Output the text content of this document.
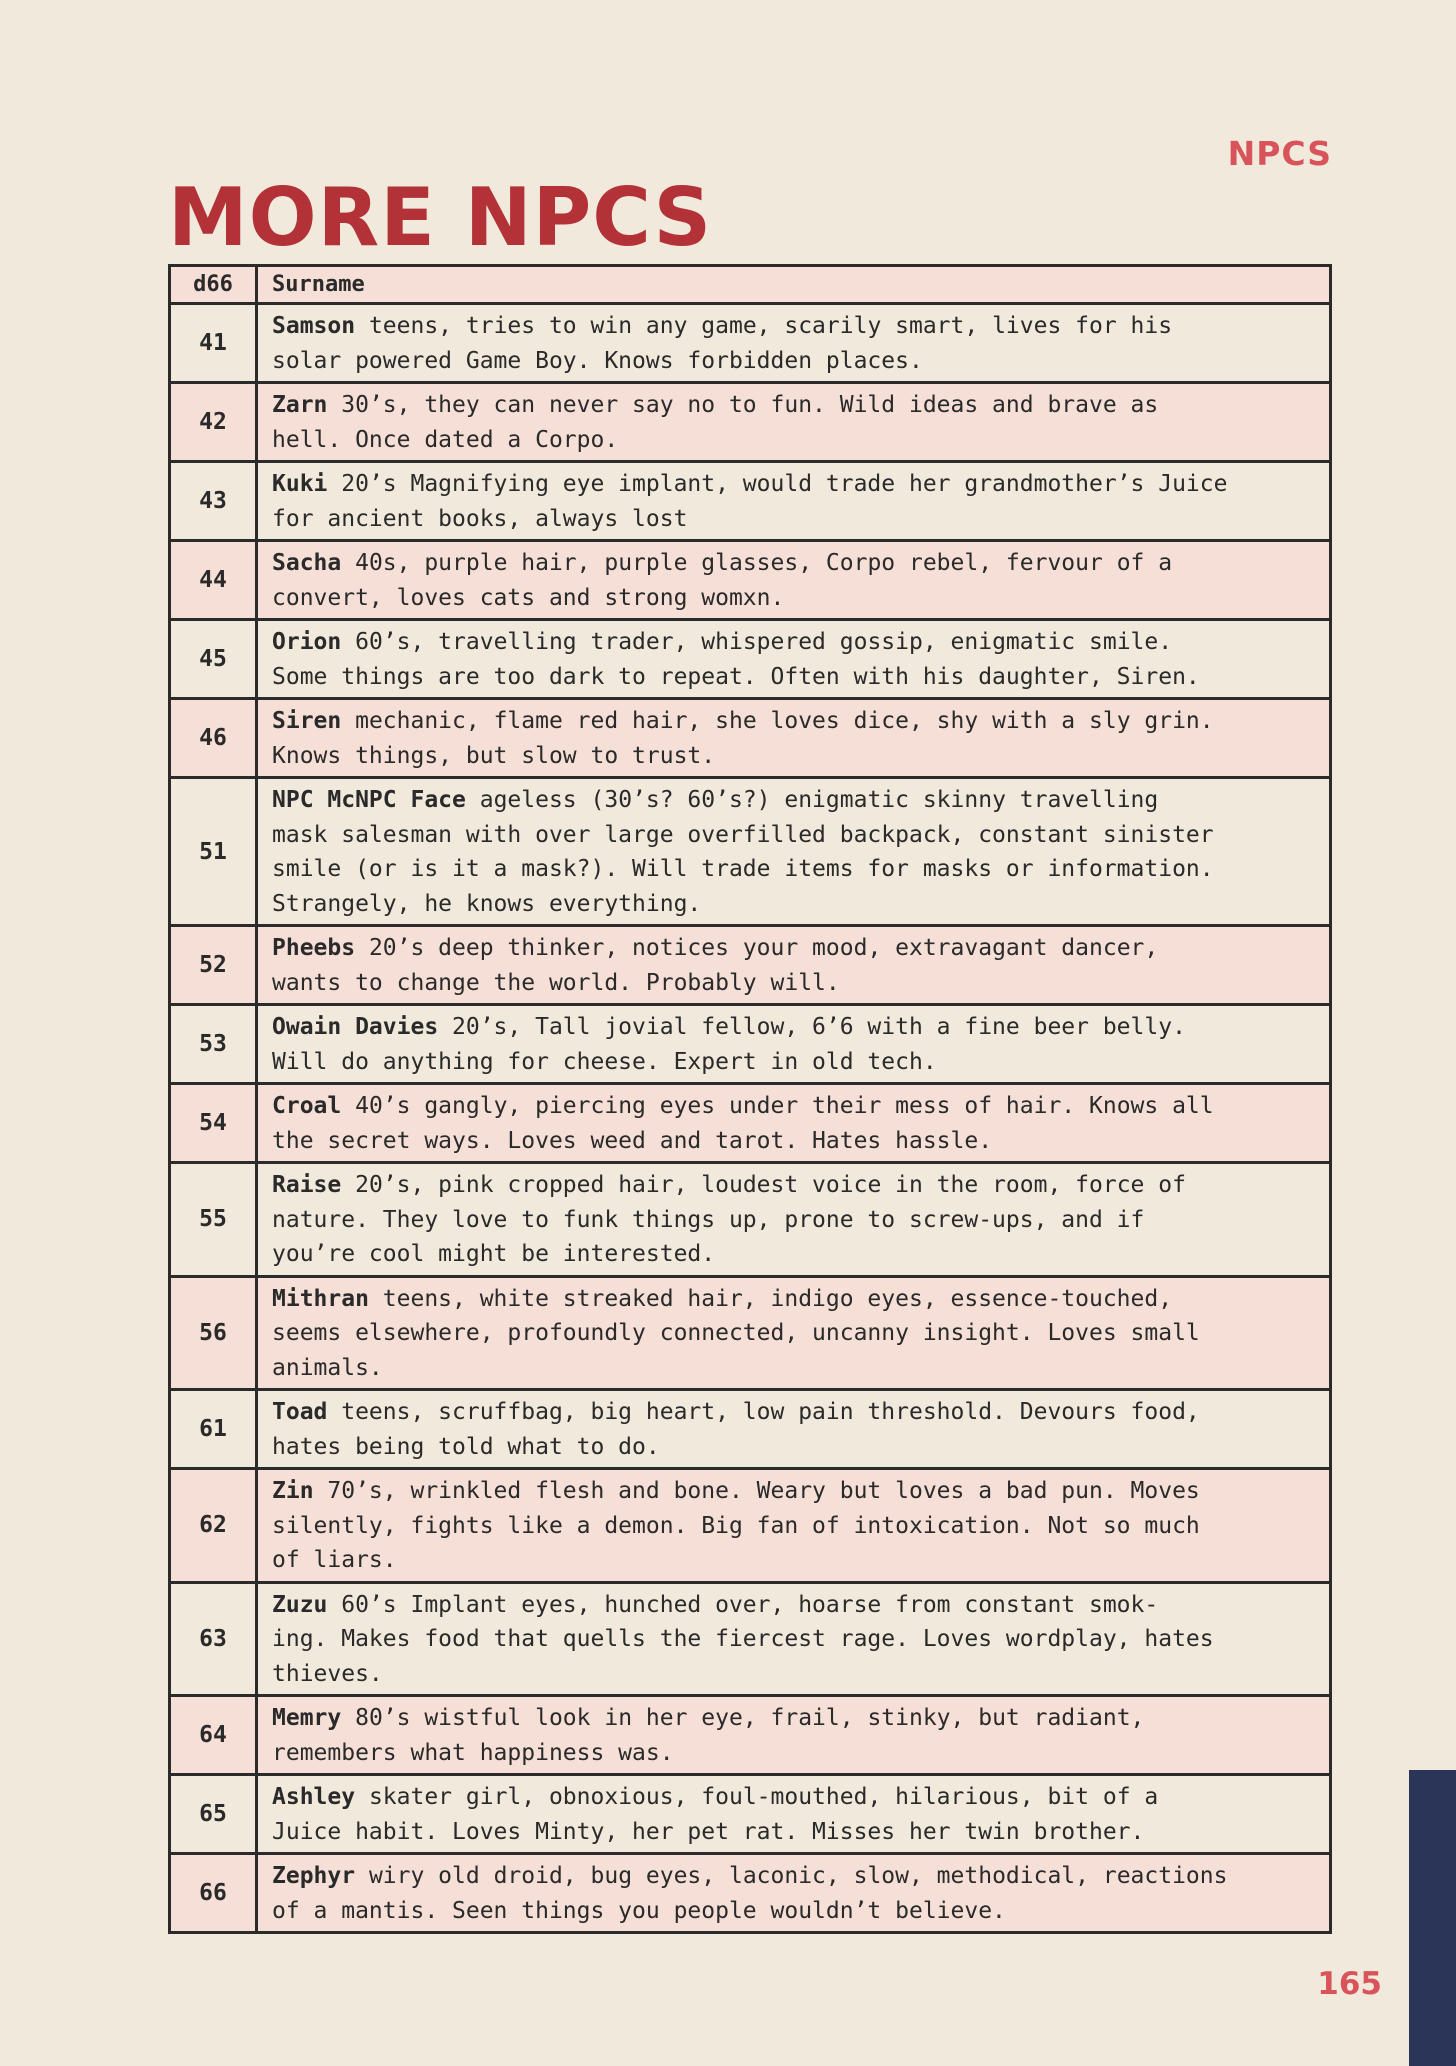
NPCS
MORE NPCS
d66	Surname
41	Samson teens, tries to win any game, scarily smart, lives for his
solar powered Game Boy. Knows forbidden places.
42	Zarn 30’s, they can never say no to fun. Wild ideas and brave as
hell. Once dated a Corpo.
43	Kuki 20’s Magnifying eye implant, would trade her grandmother’s Juice
for ancient books, always lost
44	Sacha 40s, purple hair, purple glasses, Corpo rebel, fervour of a
convert, loves cats and strong womxn.
45	Orion 60’s, travelling trader, whispered gossip, enigmatic smile.
Some things are too dark to repeat. Often with his daughter, Siren.
46	Siren mechanic, flame red hair, she loves dice, shy with a sly grin.
Knows things, but slow to trust.
51	NPC McNPC Face ageless (30’s? 60’s?) enigmatic skinny travelling
mask salesman with over large overfilled backpack, constant sinister
smile (or is it a mask?). Will trade items for masks or information.
Strangely, he knows everything.
52	Pheebs 20’s deep thinker, notices your mood, extravagant dancer,
wants to change the world. Probably will.
53	Owain Davies 20’s, Tall jovial fellow, 6’6 with a fine beer belly.
Will do anything for cheese. Expert in old tech.
54	Croal 40’s gangly, piercing eyes under their mess of hair. Knows all
the secret ways. Loves weed and tarot. Hates hassle.
55	Raise 20’s, pink cropped hair, loudest voice in the room, force of
nature. They love to funk things up, prone to screw-ups, and if
you’re cool might be interested.
56	Mithran teens, white streaked hair, indigo eyes, essence-touched,
seems elsewhere, profoundly connected, uncanny insight. Loves small
animals.
61	Toad teens, scruffbag, big heart, low pain threshold. Devours food,
hates being told what to do.
62	Zin 70’s, wrinkled flesh and bone. Weary but loves a bad pun. Moves
silently, fights like a demon. Big fan of intoxication. Not so much
of liars.
63	Zuzu 60’s Implant eyes, hunched over, hoarse from constant smok-
ing. Makes food that quells the fiercest rage. Loves wordplay, hates
thieves.
64	Memry 80’s wistful look in her eye, frail, stinky, but radiant,
remembers what happiness was.
65	Ashley skater girl, obnoxious, foul-mouthed, hilarious, bit of a
Juice habit. Loves Minty, her pet rat. Misses her twin brother.
66	Zephyr wiry old droid, bug eyes, laconic, slow, methodical, reactions
of a mantis. Seen things you people wouldn’t believe.
165
